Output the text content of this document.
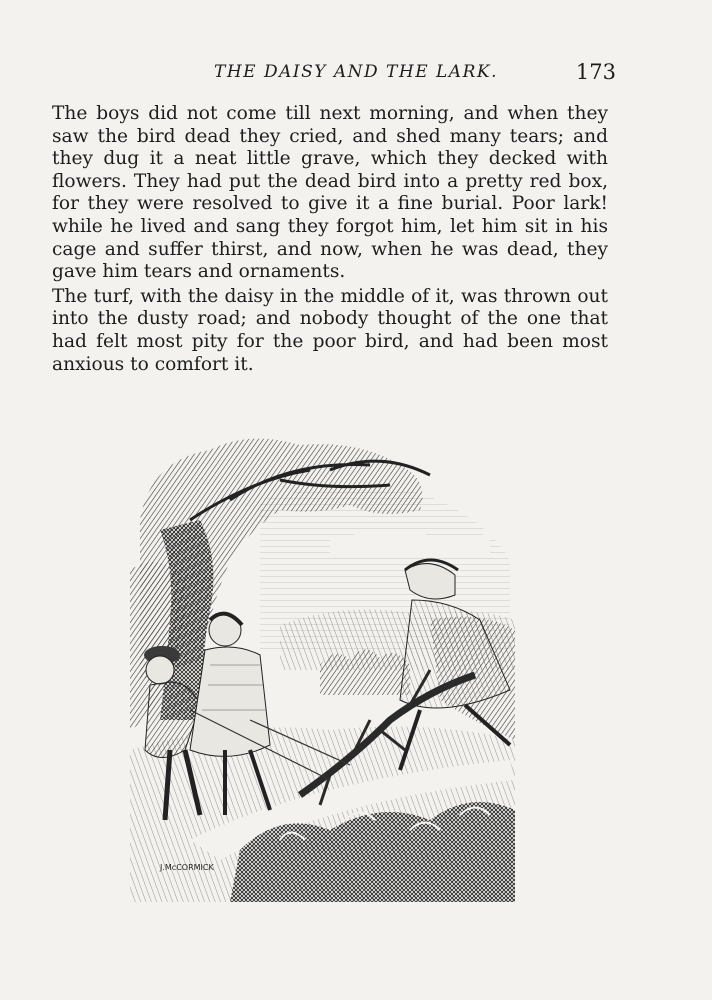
THE DAISY AND THE LARK.	173

The boys did not come till next morning, and when they saw the bird dead they cried, and shed many tears; and they dug it a neat little grave, which they decked with flowers. They had put the dead bird into a pretty red box, for they were resolved to give it a fine burial. Poor lark! while he lived and sang they forgot him, let him sit in his cage and suffer thirst, and now, when he was dead, they gave him tears and ornaments.

The turf, with the daisy in the middle of it, was thrown out into the dusty road; and nobody thought of the one that had felt most pity for the poor bird, and had been most anxious to comfort it.

J.McCORMICK
